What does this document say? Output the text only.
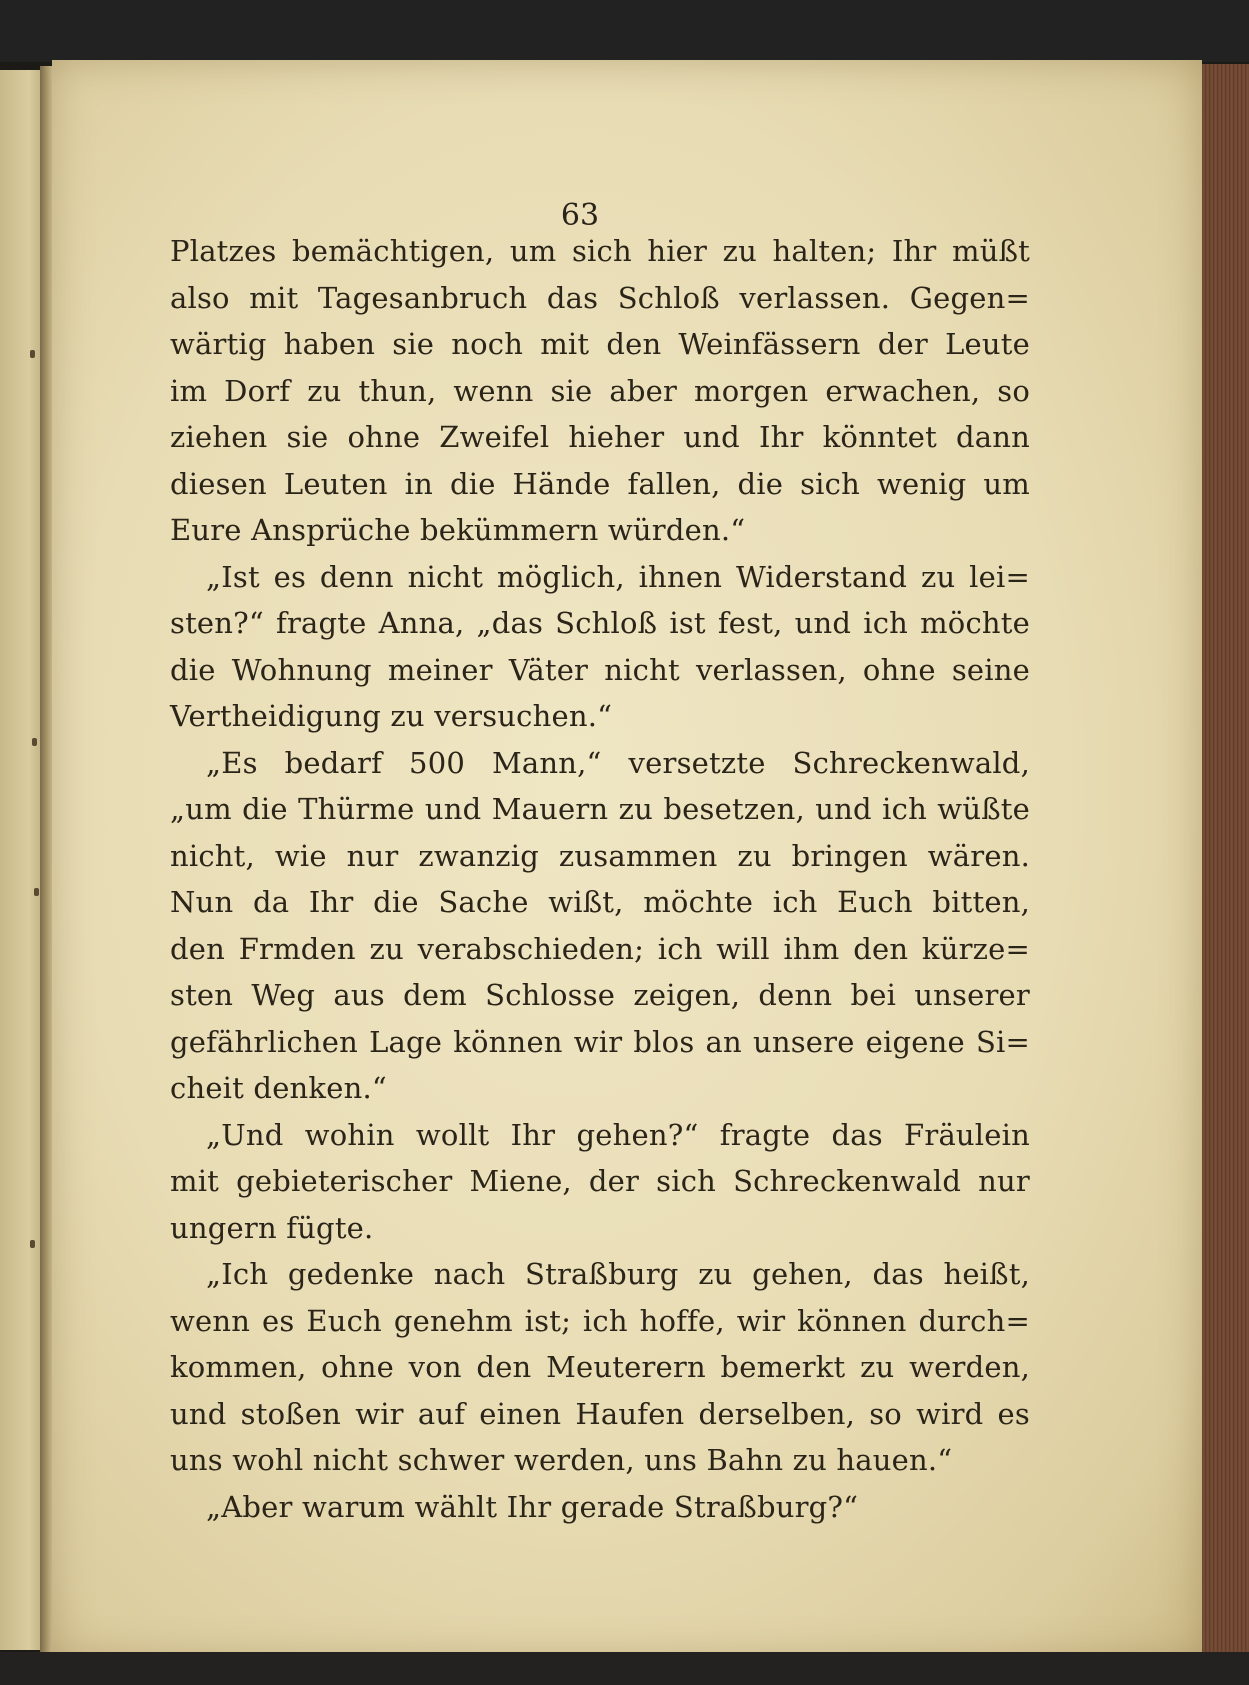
63
Platzes bemächtigen, um sich hier zu halten; Ihr müßt
also mit Tagesanbruch das Schloß verlassen. Gegen=
wärtig haben sie noch mit den Weinfässern der Leute
im Dorf zu thun, wenn sie aber morgen erwachen, so
ziehen sie ohne Zweifel hieher und Ihr könntet dann
diesen Leuten in die Hände fallen, die sich wenig um
Eure Ansprüche bekümmern würden.“
„Ist es denn nicht möglich, ihnen Widerstand zu lei=
sten?“ fragte Anna, „das Schloß ist fest, und ich möchte
die Wohnung meiner Väter nicht verlassen, ohne seine
Vertheidigung zu versuchen.“
„Es bedarf 500 Mann,“ versetzte Schreckenwald,
„um die Thürme und Mauern zu besetzen, und ich wüßte
nicht, wie nur zwanzig zusammen zu bringen wären.
Nun da Ihr die Sache wißt, möchte ich Euch bitten,
den Frmden zu verabschieden; ich will ihm den kürze=
sten Weg aus dem Schlosse zeigen, denn bei unserer
gefährlichen Lage können wir blos an unsere eigene Si=
cheit denken.“
„Und wohin wollt Ihr gehen?“ fragte das Fräulein
mit gebieterischer Miene, der sich Schreckenwald nur
ungern fügte.
„Ich gedenke nach Straßburg zu gehen, das heißt,
wenn es Euch genehm ist; ich hoffe, wir können durch=
kommen, ohne von den Meuterern bemerkt zu werden,
und stoßen wir auf einen Haufen derselben, so wird es
uns wohl nicht schwer werden, uns Bahn zu hauen.“
„Aber warum wählt Ihr gerade Straßburg?“
